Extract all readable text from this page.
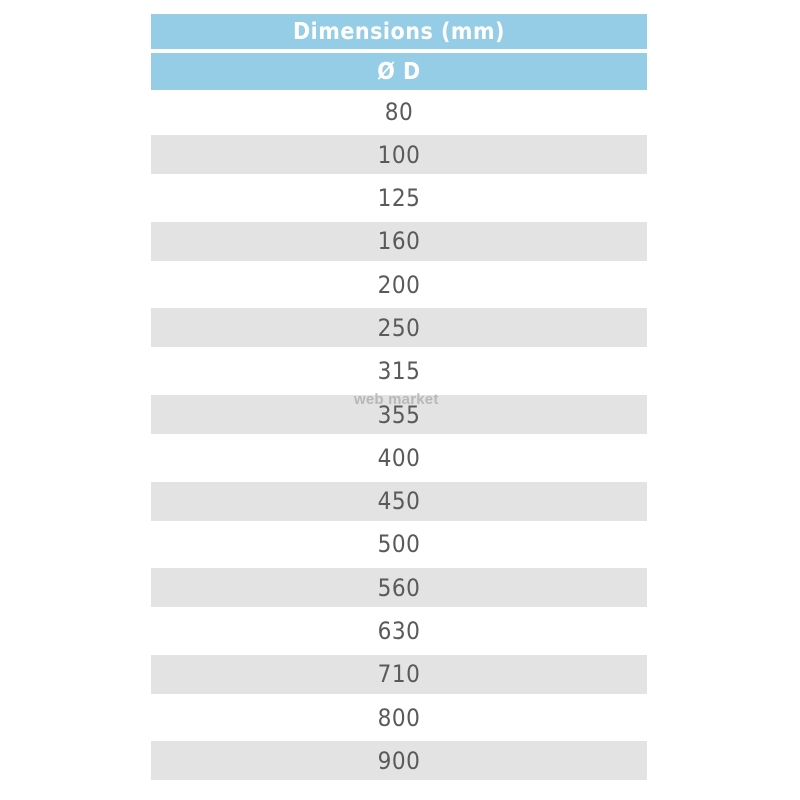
Dimensions (mm)
Ø D
80
100
125
160
200
250
315
355
400
450
500
560
630
710
800
900
web market
